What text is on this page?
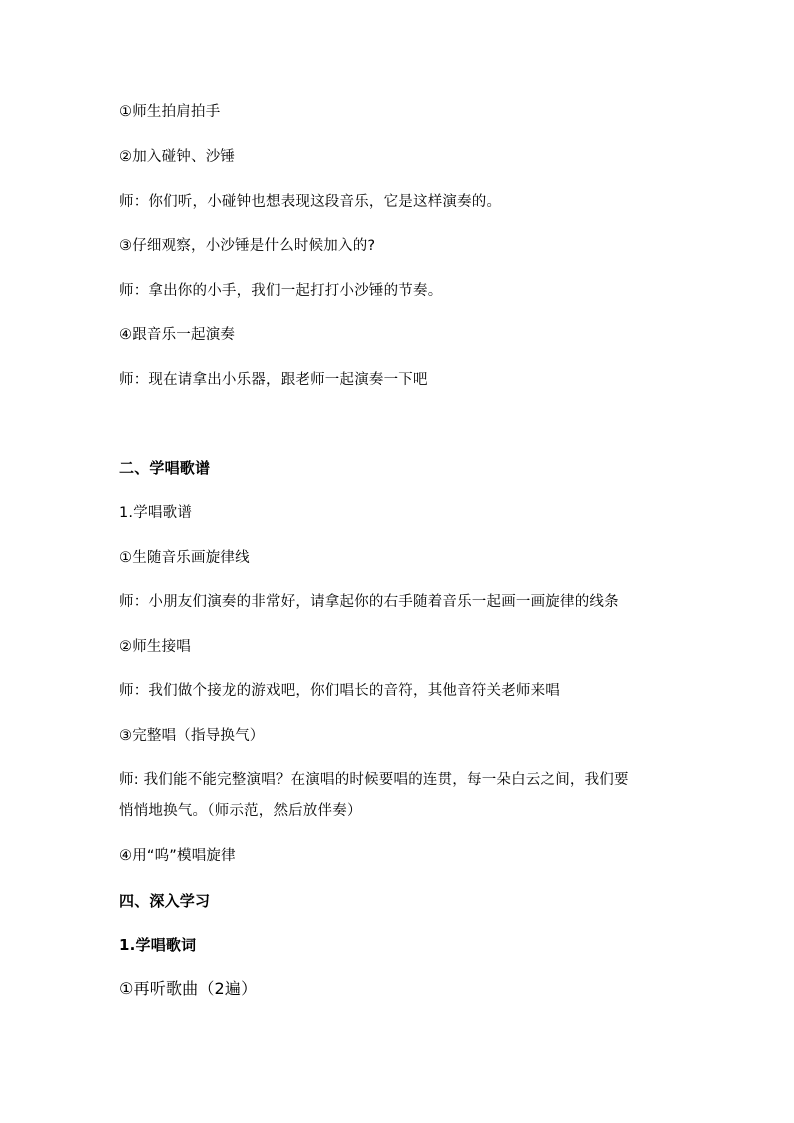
①师生拍肩拍手
②加入碰钟、沙锤
师：你们听，小碰钟也想表现这段音乐，它是这样演奏的。
③仔细观察，小沙锤是什么时候加入的?
师：拿出你的小手，我们一起打打小沙锤的节奏。
④跟音乐一起演奏
师：现在请拿出小乐器，跟老师一起演奏一下吧
二、学唱歌谱
1.学唱歌谱
①生随音乐画旋律线
师：小朋友们演奏的非常好，请拿起你的右手随着音乐一起画一画旋律的线条
②师生接唱
师：我们做个接龙的游戏吧，你们唱长的音符，其他音符关老师来唱
③完整唱（指导换气）
师: 我们能不能完整演唱？在演唱的时候要唱的连贯，每一朵白云之间，我们要
悄悄地换气。（师示范，然后放伴奏）
④用“呜”模唱旋律
四、深入学习
1.学唱歌词
①再听歌曲（2遍）
